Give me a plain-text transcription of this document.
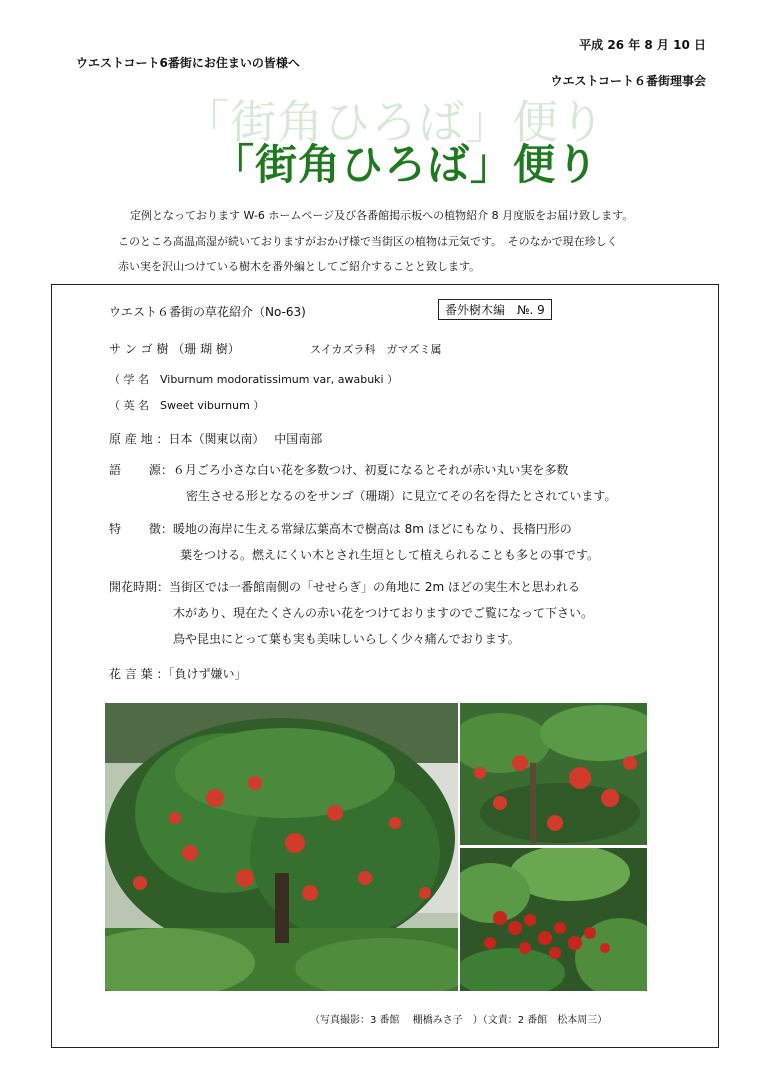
平成 26 年 8 月 10 日
ウエストコート6番街にお住まいの皆様へ
ウエストコート６番街理事会
「街角ひろば」便り
「街角ひろば」便り
定例となっております W-6 ホームページ及び各番館掲示板への植物紹介 8 月度版をお届け致します。
このところ高温高湿が続いておりますがおかげ様で当街区の植物は元気です。　そのなかで現在珍しく
赤い実を沢山つけている樹木を番外編としてご紹介することと致します。
ウエスト６番街の草花紹介（No-63)	番外樹木編　№. 9
サ ン ゴ 樹 （珊 瑚 樹）	スイカズラ科　ガマズミ属
（ 学 名　Viburnum modoratissimum var, awabuki ）
（ 英 名　Sweet viburnum ）
原 産 地 ：日本（関東以南）　 中国南部
語　　 源：６月ごろ小さな白い花を多数つけ、初夏になるとそれが赤い丸い実を多数
密生させる形となるのをサンゴ（珊瑚）に見立てその名を得たとされています。
特　　 徴：暖地の海岸に生える常緑広葉高木で樹高は 8m ほどにもなり、長楕円形の
葉をつける。燃えにくい木とされ生垣として植えられることも多との事です。
開花時期：当街区では一番館南側の「せせらぎ」の角地に 2m ほどの実生木と思われる
木があり、現在たくさんの赤い花をつけておりますのでご覧になって下さい。
鳥や昆虫にとって葉も実も美味しいらしく少々痛んでおります。
花 言 葉 ：「負けず嫌い」
（写真撮影：3 番館　 棚橋みさ子　）（文責：2 番館　松本周三）
